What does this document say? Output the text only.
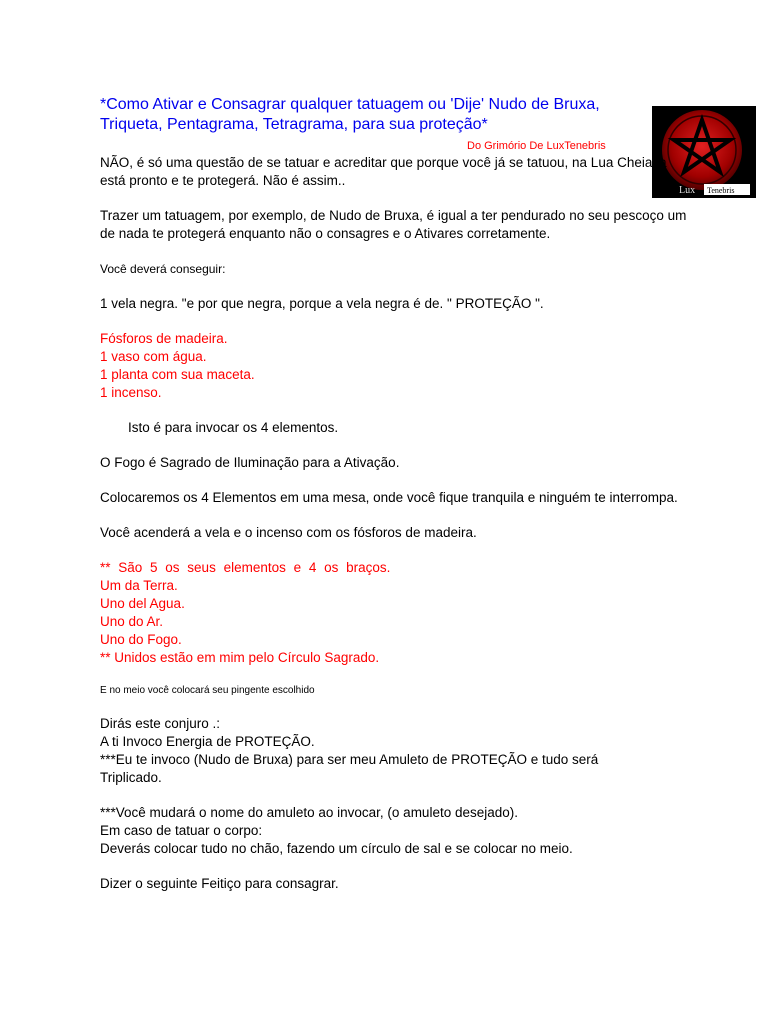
*Como Ativar e Consagrar qualquer tatuagem ou 'Dije' Nudo de Bruxa,
Triqueta, Pentagrama, Tetragrama, para sua proteção*
Do Grimório De LuxTenebris
Lux Tenebris

NÃO, é só uma questão de se tatuar e acreditar que porque você já se tatuou, na Lua Cheia ja

está pronto e te protegerá. Não é assim..

Trazer um tatuagem, por exemplo, de Nudo de Bruxa, é igual a ter pendurado no seu pescoço um

de nada te protegerá enquanto não o consagres e o Ativares corretamente.

Você deverá conseguir:

1 vela negra. "e por que negra, porque a vela negra é de. " PROTEÇÃO ".

Fósforos de madeira.

1 vaso com água.

1 planta com sua maceta.

1 incenso.

Isto é para invocar os 4 elementos.

O Fogo é Sagrado de Iluminação para a Ativação.

Colocaremos os 4 Elementos em uma mesa, onde você fique tranquila e ninguém te interrompa.

Você acenderá a vela e o incenso com os fósforos de madeira.

** São 5 os seus elementos e 4 os braços.

Um da Terra.

Uno del Agua.

Uno do Ar.

Uno do Fogo.

** Unidos estão em mim pelo Círculo Sagrado.

E no meio você colocará seu pingente escolhido

Dirás este conjuro .:

A ti Invoco Energia de PROTEÇÃO.

***Eu te invoco (Nudo de Bruxa) para ser meu Amuleto de PROTEÇÃO e tudo será

Triplicado.

***Você mudará o nome do amuleto ao invocar, (o amuleto desejado).

Em caso de tatuar o corpo:

Deverás colocar tudo no chão, fazendo um círculo de sal e se colocar no meio.

Dizer o seguinte Feitiço para consagrar.
